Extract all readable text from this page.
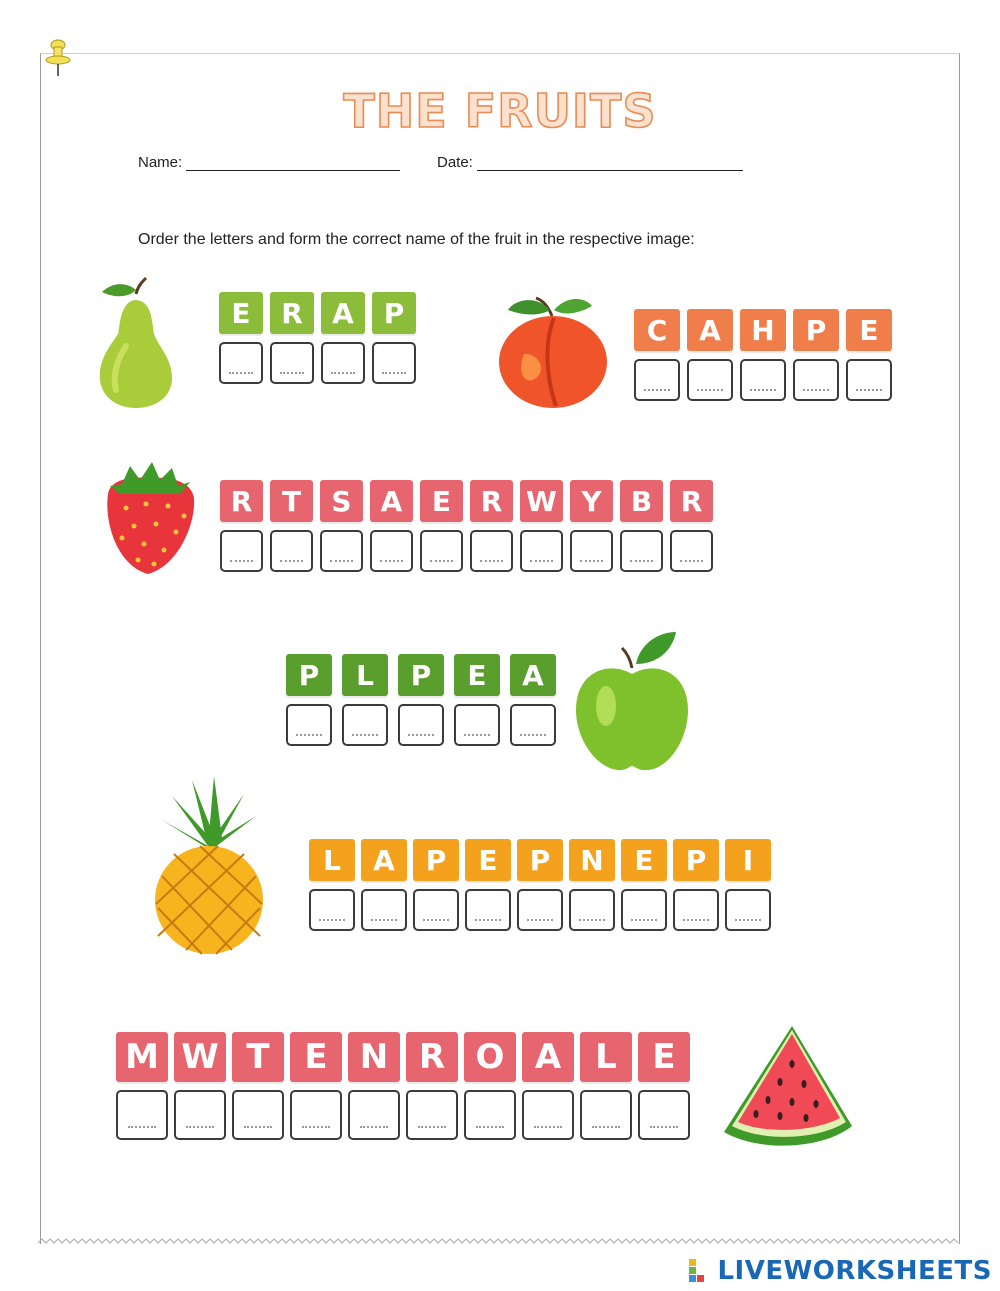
THE FRUITS
Name:	Date:
Order the letters and form the correct name of the fruit in the respective image:
E	R	A	P
C	A	H	P	E
R	T	S	A	E	R W Y	B	R
P	L	P	E	A
L	A	P	E	P	N	E	P	I
M W T	E N R O A	L	E
LIVEWORKSHEETS
